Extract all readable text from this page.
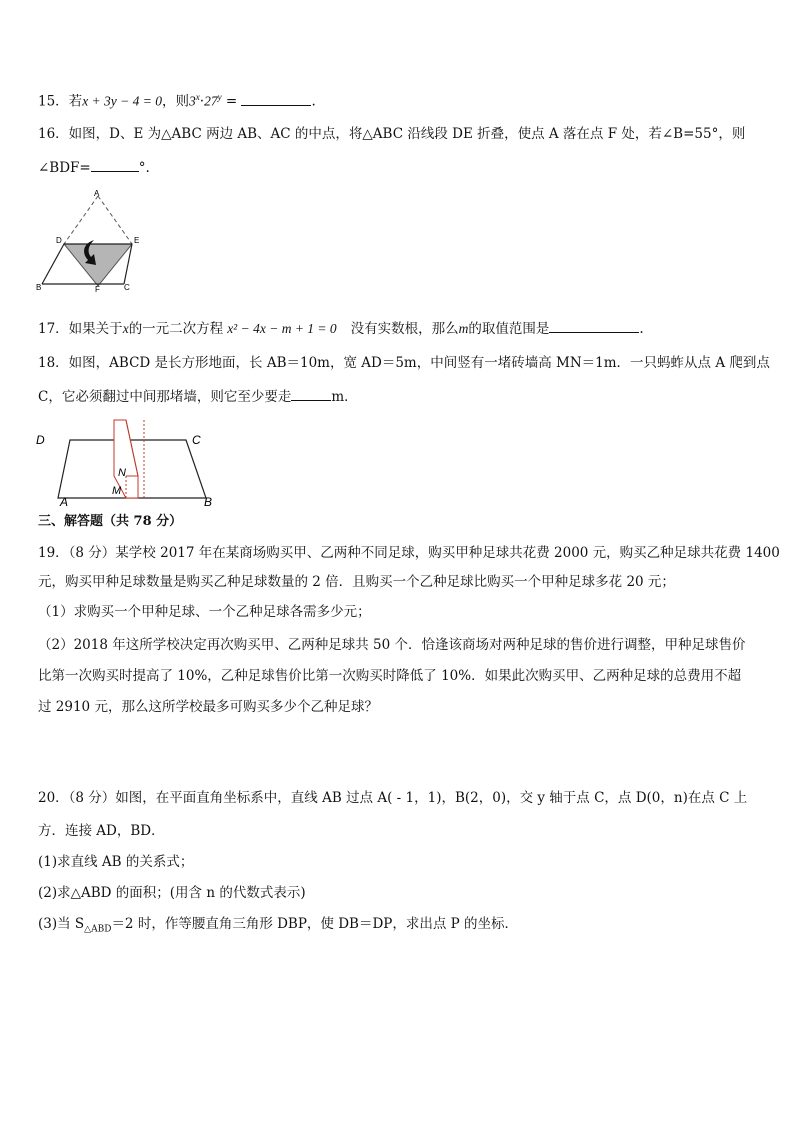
15．若x + 3y − 4 = 0，则$3^x\cdot 27^y$ =	.
16．如图，D、E 为△ABC 两边 AB、AC 的中点，将△ABC 沿线段 DE 折叠，使点 A 落在点 F 处，若∠B=55°，则
∠BDF=	°.
A
D	E
B	F	C
17．如果关于x的一元二次方程 x² − 4x − m + 1 = 0 没有实数根，那么m的取值范围是	.
18．如图，ABCD 是长方形地面，长 AB＝10m，宽 AD＝5m，中间竖有一堵砖墙高 MN＝1m．一只蚂蚱从点 A 爬到点
C，它必须翻过中间那堵墙，则它至少要走	m．
D	C
A	B
N
M
三、解答题（共 78 分）
19．（8 分）某学校 2017 年在某商场购买甲、乙两种不同足球，购买甲种足球共花费 2000 元，购买乙种足球共花费 1400
元，购买甲种足球数量是购买乙种足球数量的 2 倍．且购买一个乙种足球比购买一个甲种足球多花 20 元；
（1）求购买一个甲种足球、一个乙种足球各需多少元；
（2）2018 年这所学校决定再次购买甲、乙两种足球共 50 个．恰逢该商场对两种足球的售价进行调整，甲种足球售价
比第一次购买时提高了 10%，乙种足球售价比第一次购买时降低了 10%．如果此次购买甲、乙两种足球的总费用不超
过 2910 元，那么这所学校最多可购买多少个乙种足球？
20．（8 分）如图，在平面直角坐标系中，直线 AB 过点 A( - 1，1)，B(2，0)，交 y 轴于点 C，点 D(0，n)在点 C 上
方．连接 AD，BD．
(1)求直线 AB 的关系式；
(2)求△ABD 的面积；(用含 n 的代数式表示)
(3)当 $S_{\triangle ABD}=2$ 时，作等腰直角三角形 DBP，使 DB＝DP，求出点 P 的坐标．
